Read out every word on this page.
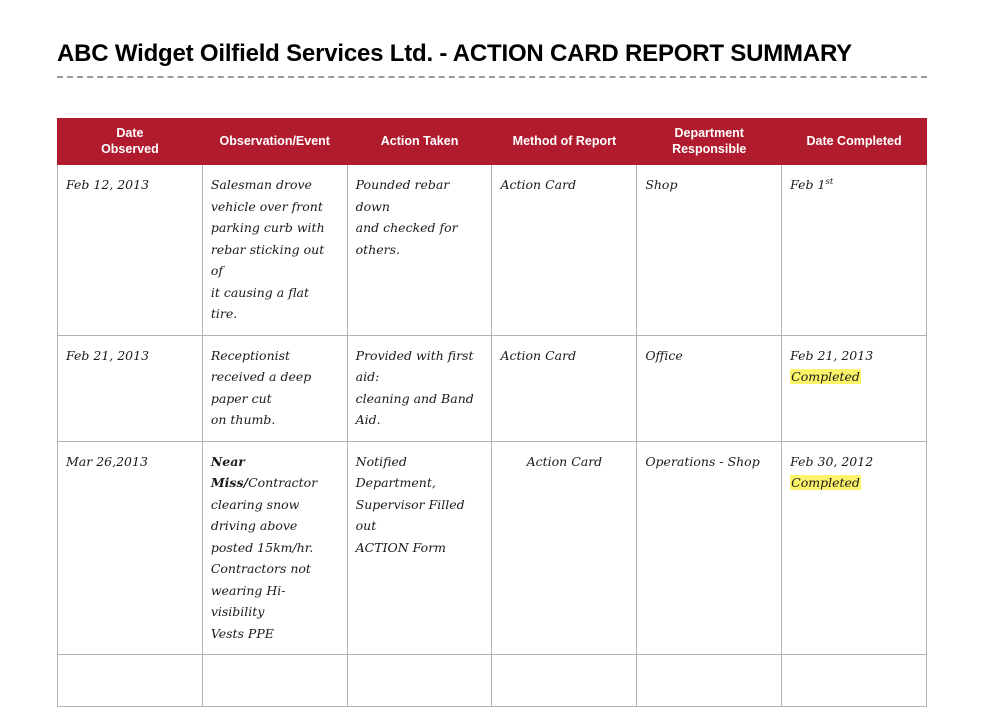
ABC Widget Oilfield Services Ltd. - ACTION CARD REPORT SUMMARY
Date
Observed	Observation/Event	Action Taken	Method of Report	Department
Responsible	Date Completed
Feb 12, 2013	Salesman drove vehicle over front
parking curb with rebar sticking out of
it causing a flat tire.	Pounded rebar down
and checked for others.	Action Card	Shop	Feb 1st
Feb 21, 2013	Receptionist received a deep paper cut
on thumb.	Provided with first aid:
cleaning and Band Aid.	Action Card	Office	Feb 21, 2013
Completed

Mar 26,2013	Near Miss/Contractor clearing snow
driving above posted 15km/hr.
Contractors not wearing Hi-visibility
Vests PPE	Notified Department,
Supervisor Filled out
ACTION Form	Action Card	Operations - Shop	Feb 30, 2012
Completed
